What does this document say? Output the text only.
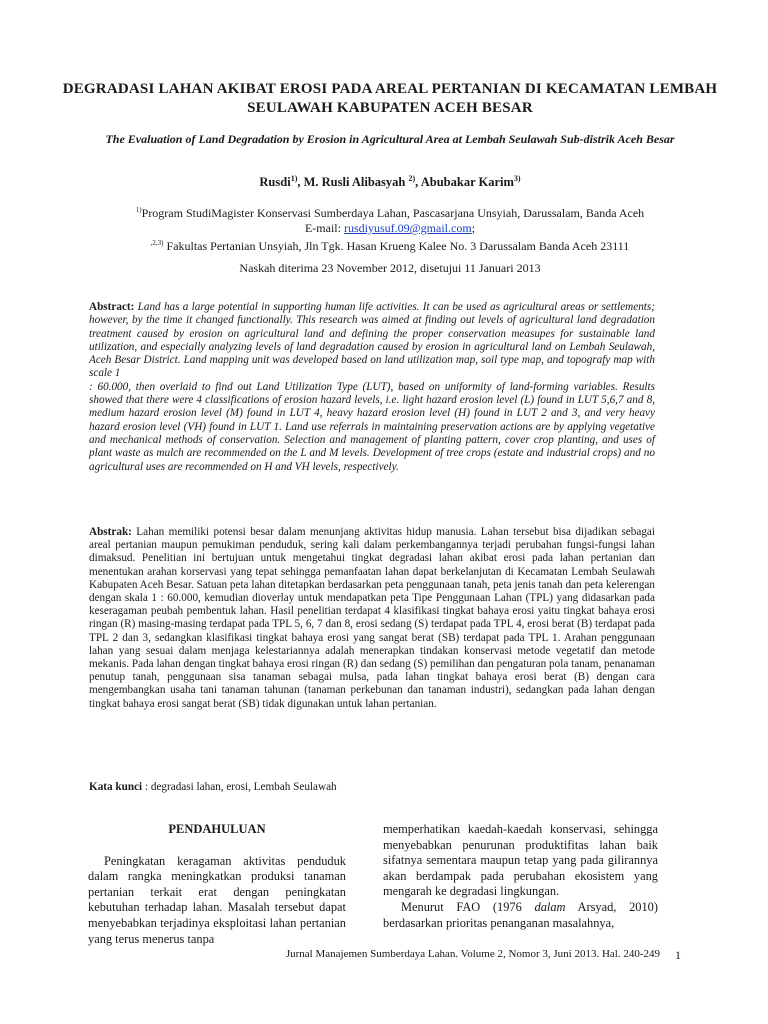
DEGRADASI LAHAN AKIBAT EROSI PADA AREAL PERTANIAN DI KECAMATAN LEMBAH SEULAWAH KABUPATEN ACEH BESAR
The Evaluation of Land Degradation by Erosion in Agricultural Area at Lembah Seulawah Sub-distrik Aceh Besar
Rusdi$^{1)}$, M. Rusli Alibasyah $^{2)}$, Abubakar Karim$^{3)}$
$^{1)}$Program StudiMagister Konservasi Sumberdaya Lahan, Pascasarjana Unsyiah, Darussalam, Banda Aceh
E-mail: rusdiyusuf.09@gmail.com;
$^{,2,3)}$ Fakultas Pertanian Unsyiah, Jln Tgk. Hasan Krueng Kalee No. 3 Darussalam Banda Aceh 23111
Naskah diterima 23 November 2012, disetujui 11 Januari 2013
Abstract: Land has a large potential in supporting human life activities. It can be used as agricultural areas or settlements; however, by the time it changed functionally. This research was aimed at finding out levels of agricultural land degradation treatment caused by erosion on agricultural land and defining the proper conservation measupes for sustainable land utilization, and especially analyzing levels of land degradation caused by erosion in agricultural land on Lembah Seulawah, Aceh Besar District. Land mapping unit was developed based on land utilization map, soil type map, and topografy map with scale 1
: 60.000, then overlaid to find out Land Utilization Type (LUT), based on uniformity of land-forming variables. Results showed that there were 4 classifications of erosion hazard levels, i.e. light hazard erosion level (L) found in LUT 5,6,7 and 8, medium hazard erosion level (M) found in LUT 4, heavy hazard erosion level (H) found in LUT 2 and 3, and very heavy hazard erosion level (VH) found in LUT 1. Land use referrals in maintaining preservation actions are by applying vegetative and mechanical methods of conservation. Selection and management of planting pattern, cover crop planting, and uses of plant waste as mulch are recommended on the L and M levels. Development of tree crops (estate and industrial crops) and no agricultural uses are recommended on H and VH levels, respectively.
Abstrak: Lahan memiliki potensi besar dalam menunjang aktivitas hidup manusia. Lahan tersebut bisa dijadikan sebagai areal pertanian maupun pemukiman penduduk, sering kali dalam perkembangannya terjadi perubahan fungsi-fungsi lahan dimaksud. Penelitian ini bertujuan untuk mengetahui tingkat degradasi lahan akibat erosi pada lahan pertanian dan menentukan arahan korservasi yang tepat sehingga pemanfaatan lahan dapat berkelanjutan di Kecamatan Lembah Seulawah Kabupaten Aceh Besar. Satuan peta lahan ditetapkan berdasarkan peta penggunaan tanah, peta jenis tanah dan peta kelerengan dengan skala 1 : 60.000, kemudian dioverlay untuk mendapatkan peta Tipe Penggunaan Lahan (TPL) yang didasarkan pada keseragaman peubah pembentuk lahan. Hasil penelitian terdapat 4 klasifikasi tingkat bahaya erosi yaitu tingkat bahaya erosi ringan (R) masing-masing terdapat pada TPL 5, 6, 7 dan 8, erosi sedang (S) terdapat pada TPL 4, erosi berat (B) terdapat pada TPL 2 dan 3, sedangkan klasifikasi tingkat bahaya erosi yang sangat berat (SB) terdapat pada TPL 1. Arahan penggunaan lahan yang sesuai dalam menjaga kelestariannya adalah menerapkan tindakan konservasi metode vegetatif dan metode mekanis. Pada lahan dengan tingkat bahaya erosi ringan (R) dan sedang (S) pemilihan dan pengaturan pola tanam, penanaman penutup tanah, penggunaan sisa tanaman sebagai mulsa, pada lahan tingkat bahaya erosi berat (B) dengan cara mengembangkan usaha tani tanaman tahunan (tanaman perkebunan dan tanaman industri), sedangkan pada lahan dengan tingkat bahaya erosi sangat berat (SB) tidak digunakan untuk lahan pertanian.
Kata kunci : degradasi lahan, erosi, Lembah Seulawah
PENDAHULUAN

Peningkatan keragaman aktivitas penduduk dalam rangka meningkatkan produksi tanaman pertanian terkait erat dengan peningkatan kebutuhan terhadap lahan. Masalah tersebut dapat menyebabkan terjadinya eksploitasi lahan pertanian yang terus menerus tanpa

memperhatikan kaedah-kaedah konservasi, sehingga menyebabkan penurunan produktifitas lahan baik sifatnya sementara maupun tetap yang pada gilirannya akan berdampak pada perubahan ekosistem yang mengarah ke degradasi lingkungan.

Menurut FAO (1976 dalam Arsyad, 2010) berdasarkan prioritas penanganan masalahnya,

Jurnal Manajemen Sumberdaya Lahan. Volume 2, Nomor 3, Juni 2013. Hal. 240-249 1
